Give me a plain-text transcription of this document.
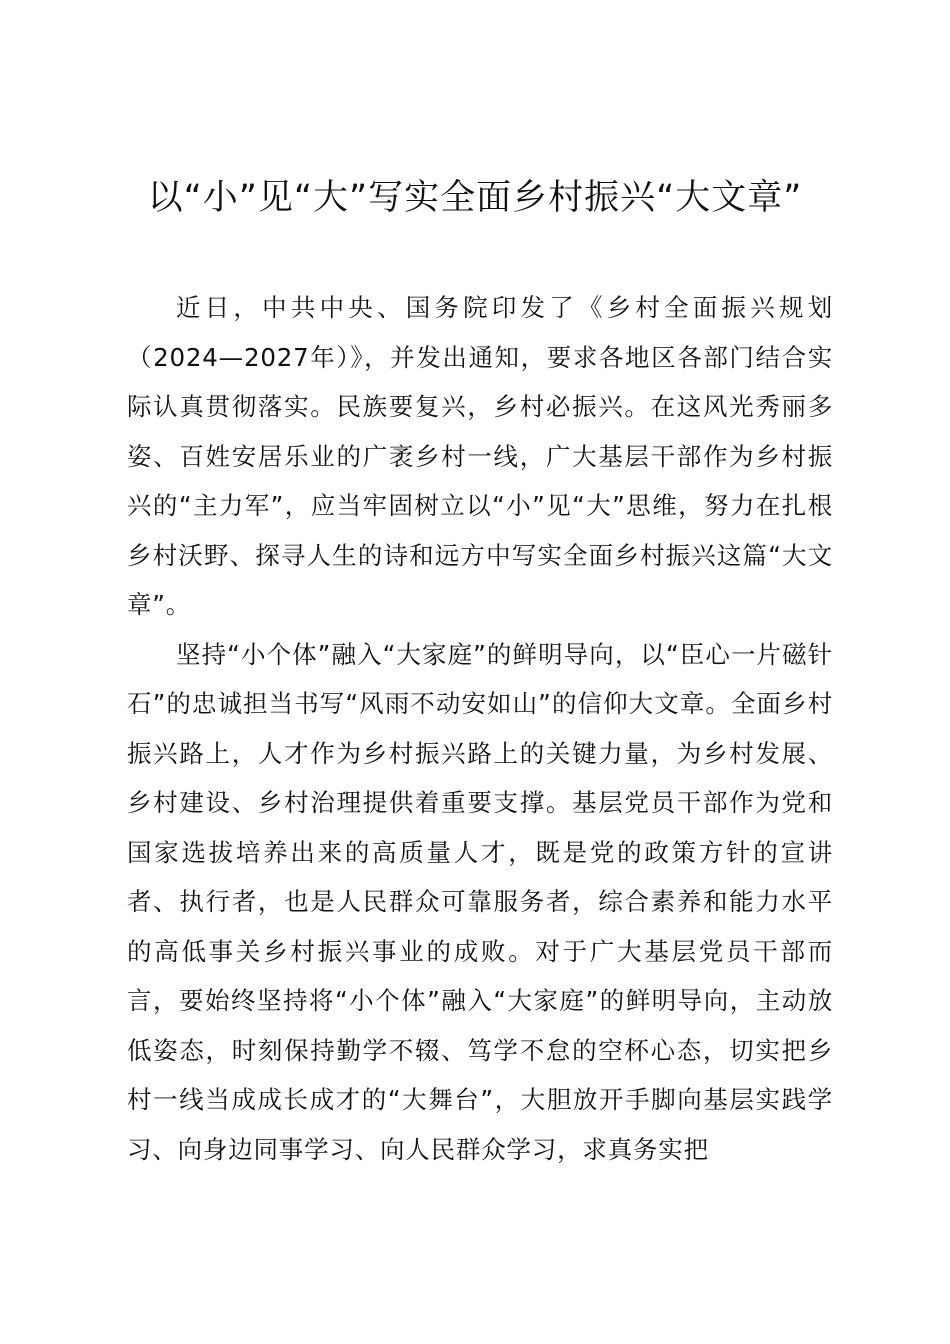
以“小”见“大”写实全面乡村振兴“大文章”

近日，中共中央、国务院印发了《乡村全面振兴规划（2024—2027年）》，并发出通知，要求各地区各部门结合实际认真贯彻落实。民族要复兴，乡村必振兴。在这风光秀丽多姿、百姓安居乐业的广袤乡村一线，广大基层干部作为乡村振兴的“主力军”，应当牢固树立以“小”见“大”思维，努力在扎根乡村沃野、探寻人生的诗和远方中写实全面乡村振兴这篇“大文章”。

坚持“小个体”融入“大家庭”的鲜明导向，以“臣心一片磁针石”的忠诚担当书写“风雨不动安如山”的信仰大文章。全面乡村振兴路上，人才作为乡村振兴路上的关键力量，为乡村发展、乡村建设、乡村治理提供着重要支撑。基层党员干部作为党和国家选拔培养出来的高质量人才，既是党的政策方针的宣讲者、执行者，也是人民群众可靠服务者，综合素养和能力水平的高低事关乡村振兴事业的成败。对于广大基层党员干部而言，要始终坚持将“小个体”融入“大家庭”的鲜明导向，主动放低姿态，时刻保持勤学不辍、笃学不怠的空杯心态，切实把乡村一线当成成长成才的“大舞台”，大胆放开手脚向基层实践学习、向身边同事学习、向人民群众学习，求真务实把
